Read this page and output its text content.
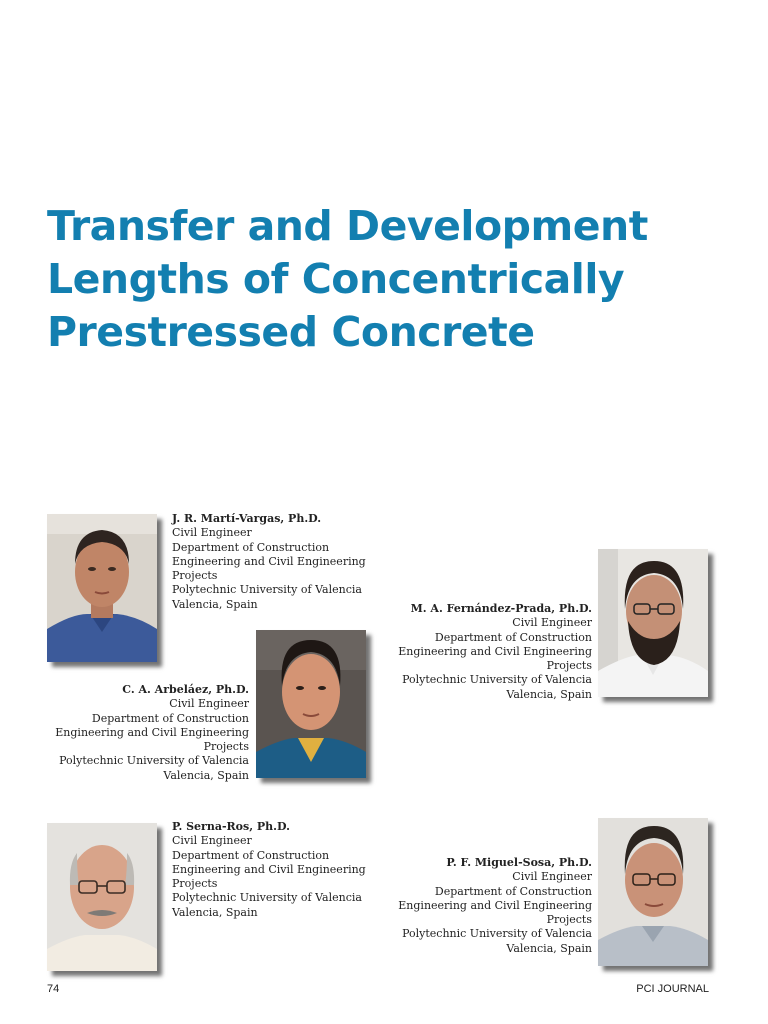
Transfer and Development
Lengths of Concentrically
Prestressed Concrete
J. R. Martí-Vargas, Ph.D.
Civil Engineer
Department of Construction
Engineering and Civil Engineering
Projects
Polytechnic University of Valencia
Valencia, Spain	M. A. Fernández-Prada, Ph.D.
Civil Engineer
Department of Construction
Engineering and Civil Engineering
Projects
Polytechnic University of Valencia
Valencia, Spain
C. A. Arbeláez, Ph.D.
Civil Engineer
Department of Construction
Engineering and Civil Engineering
Projects
Polytechnic University of Valencia
Valencia, Spain
P. Serna-Ros, Ph.D.
Civil Engineer
Department of Construction
Engineering and Civil Engineering
Projects
Polytechnic University of Valencia
Valencia, Spain
P. F. Miguel-Sosa, Ph.D.
Civil Engineer
Department of Construction
Engineering and Civil Engineering
Projects
Polytechnic University of Valencia
Valencia, Spain
74	PCI JOURNAL
